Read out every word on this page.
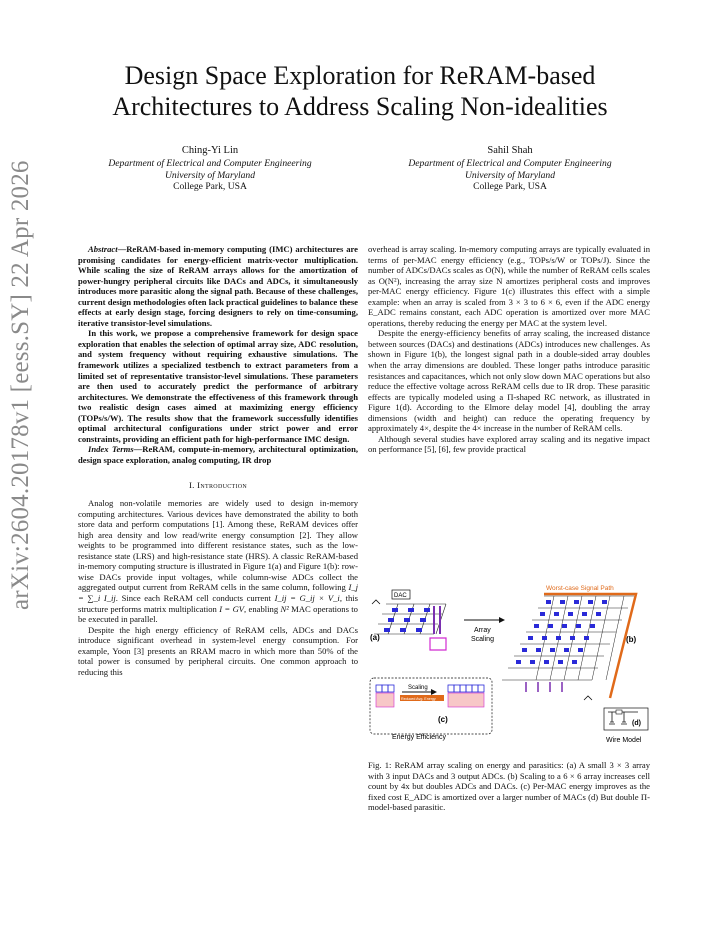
Design Space Exploration for ReRAM-based
Architectures to Address Scaling Non-idealities
Ching-Yi Lin
Department of Electrical and Computer Engineering
University of Maryland
College Park, USA
Sahil Shah
Department of Electrical and Computer Engineering
University of Maryland
College Park, USA
arXiv:2604.20178v1 [eess.SY] 22 Apr 2026	Abstract—ReRAM-based in-memory computing (IMC) architectures are promising candidates for energy-efficient matrix-vector multiplication. While scaling the size of ReRAM arrays allows for the amortization of power-hungry peripheral circuits like DACs and ADCs, it simultaneously introduces more parasitic along the signal path. Because of these challenges, current design methodologies often lack practical guidelines to balance these effects at early design stage, forcing designers to rely on time-consuming, iterative transistor-level simulations.

In this work, we propose a comprehensive framework for design space exploration that enables the selection of optimal array size, ADC resolution, and system frequency without requiring exhaustive simulations. The framework utilizes a specialized testbench to extract parameters from a limited set of representative transistor-level simulations. These parameters are then used to accurately predict the performance of arbitrary architectures. We demonstrate the effectiveness of this framework through two realistic design cases aimed at maximizing energy efficiency (TOPs/s/W). The results show that the framework successfully identifies optimal architectural configurations under strict power and error constraints, providing an efficient path for high-performance IMC design.

Index Terms—ReRAM, compute-in-memory, architectural optimization, design space exploration, analog computing, IR drop

I. Introduction

Analog non-volatile memories are widely used to design in-memory computing architectures. Various devices have demonstrated the ability to both store data and perform computations [1]. Among these, ReRAM devices offer high area density and low read/write energy consumption [2]. They allow weights to be programmed into different resistance states, such as the low-resistance state (LRS) and high-resistance state (HRS). A classic ReRAM-based in-memory computing structure is illustrated in Figure 1(a) and Figure 1(b): row-wise DACs provide input voltages, while column-wise ADCs collect the aggregated output current from ReRAM cells in the same column, following I_j = ∑_i I_ij. Since each ReRAM cell conducts current I_ij = G_ij × V_i, this structure performs matrix multiplication I = GV, enabling N² MAC operations to be executed in parallel.

Despite the high energy efficiency of ReRAM cells, ADCs and DACs introduce significant overhead in system-level energy consumption. For example, Yoon [3] presents an RRAM macro in which more than 50% of the total power is consumed by peripheral circuits. One common approach to reducing this

overhead is array scaling. In-memory computing arrays are typically evaluated in terms of per-MAC energy efficiency (e.g., TOPs/s/W or TOPs/J). Since the number of ADCs/DACs scales as O(N), while the number of ReRAM cells scales as O(N²), increasing the array size N amortizes peripheral costs and improves per-MAC energy efficiency. Figure 1(c) illustrates this effect with a simple example: when an array is scaled from 3 × 3 to 6 × 6, even if the ADC energy E_ADC remains constant, each ADC operation is amortized over more MAC operations, thereby reducing the energy per MAC at the system level.

Despite the energy-efficiency benefits of array scaling, the increased distance between sources (DACs) and destinations (ADCs) introduces new challenges. As shown in Figure 1(b), the longest signal path in a double-sided array doubles when the array dimensions are doubled. These longer paths introduce parasitic resistances and capacitances, which not only slow down MAC operations but also reduce the effective voltage across ReRAM cells due to IR drop. These parasitic effects are typically modeled using a Π-shaped RC network, as illustrated in Figure 1(d). According to the Elmore delay model [4], doubling the array dimensions (width and height) can reduce the operating frequency by approximately 4×, despite the 4× increase in the number of ReRAM cells.

Although several studies have explored array scaling and its negative impact on performance [5], [6], few provide practical

DAC
(a)
Array
Scaling
Worst-case Signal Path
(b)
Scaling
Reduced Avg. Energy
(c)
Energy Efficiency
(d)
Wire Model
Fig. 1: ReRAM array scaling on energy and parasitics: (a) A small 3 × 3 array with 3 input DACs and 3 output ADCs. (b) Scaling to a 6 × 6 array increases cell count by 4x but doubles ADCs and DACs. (c) Per-MAC energy improves as the fixed cost E_ADC is amortized over a larger number of MACs (d) But double Π-model-based parasitic.
